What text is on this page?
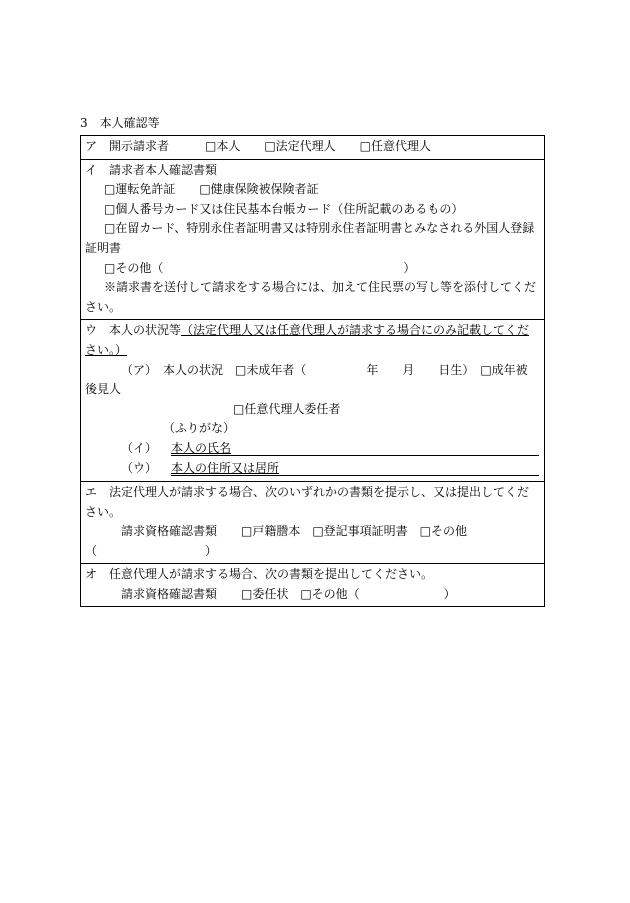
3　本人確認等
ア　開示請求者　　　□本人　　□法定代理人　　□任意代理人
イ　請求者本人確認書類
□運転免許証　　□健康保険被保険者証
□個人番号カード又は住民基本台帳カード（住所記載のあるもの）
□在留カード、特別永住者証明書又は特別永住者証明書とみなされる外国人登録証明書
□その他（　　　　　　　　　　　　　　　　　　　　）
※請求書を送付して請求をする場合には、加えて住民票の写し等を添付してください。
ウ　本人の状況等（法定代理人又は任意代理人が請求する場合にのみ記載してください。）
（ア）　本人の状況　□未成年者（　　　　　年　　月　　日生）　□成年被後見人
□任意代理人委任者
（ふりがな）
（イ）	本人の氏名
（ウ）	本人の住所又は居所
エ　法定代理人が請求する場合、次のいずれかの書類を提示し、又は提出してください。
請求資格確認書類　　□戸籍謄本　□登記事項証明書　□その他
（　　　　　　　　　）
オ　任意代理人が請求する場合、次の書類を提出してください。
請求資格確認書類　　□委任状　□その他（　　　　　　　）
